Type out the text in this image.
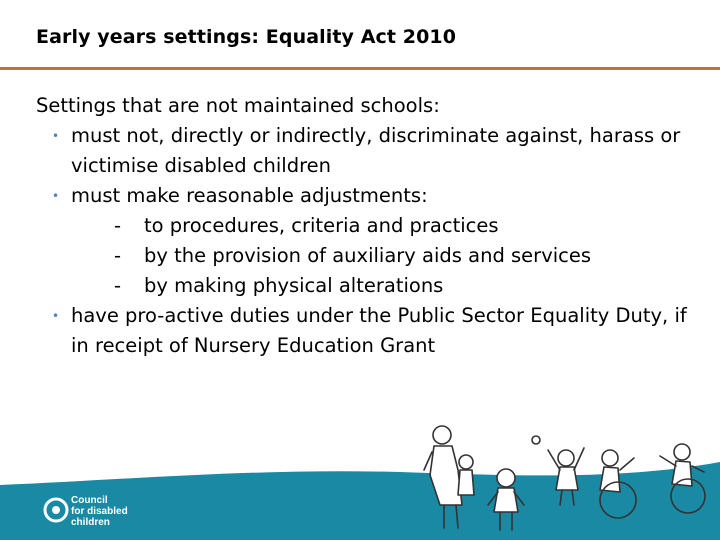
Council
for disabled
children
Early years settings: Equality Act 2010

Settings that are not maintained schools:

• must not, directly or indirectly, discriminate against, harass or victimise disabled children

• must make reasonable adjustments:

- to procedures, criteria and practices

- by the provision of auxiliary aids and services

- by making physical alterations

• have pro-active duties under the Public Sector Equality Duty, if in receipt of Nursery Education Grant
